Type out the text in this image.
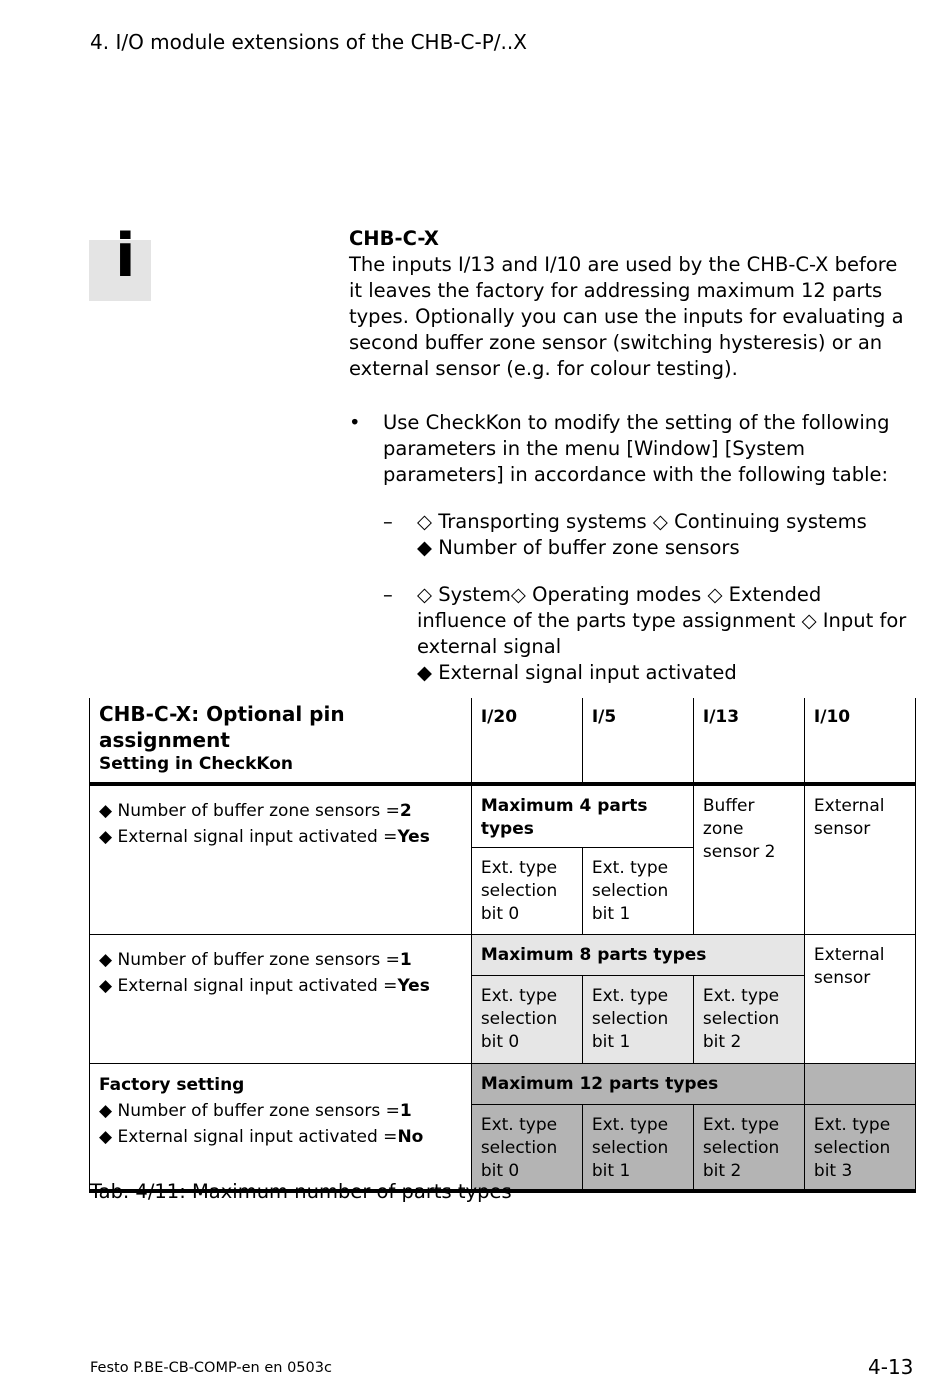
4. I/O module extensions of the CHB-C-P/..X
i	CHB-C-X
The inputs I/13 and I/10 are used by the CHB-C-X before it leaves the factory for addressing maximum 12 parts types. Optionally you can use the inputs for evaluating a second buffer zone sensor (switching hysteresis) or an external sensor (e.g. for colour testing).
• Use CheckKon to modify the setting of the following parameters in the menu [Window] [System parameters] in accordance with the following table:
– ◇ Transporting systems ◇ Continuing systems
◆ Number of buffer zone sensors
– ◇ System◇ Operating modes ◇ Extended influence of the parts type assignment ◇ Input for external signal
◆ External signal input activated
CHB-C-X: Optional pin assignment
Setting in CheckKon	I/20	I/5	I/13	I/10

◆ Number of buffer zone sensors =2
◆ External signal input activated =Yes	Maximum 4 parts types		Buffer zone sensor 2	External sensor
	Ext. type selection bit 0	Ext. type selection bit 1		

◆ Number of buffer zone sensors =1
◆ External signal input activated =Yes	Maximum 8 parts types			External sensor
	Ext. type selection bit 0	Ext. type selection bit 1	Ext. type selection bit 2	

Factory setting
◆ Number of buffer zone sensors =1
◆ External signal input activated =No	Maximum 12 parts types			
	Ext. type selection bit 0	Ext. type selection bit 1	Ext. type selection bit 2	Ext. type selection bit 3
Tab. 4/11: Maximum number of parts types
Festo P.BE-CB-COMP-en en 0503c	4-13
